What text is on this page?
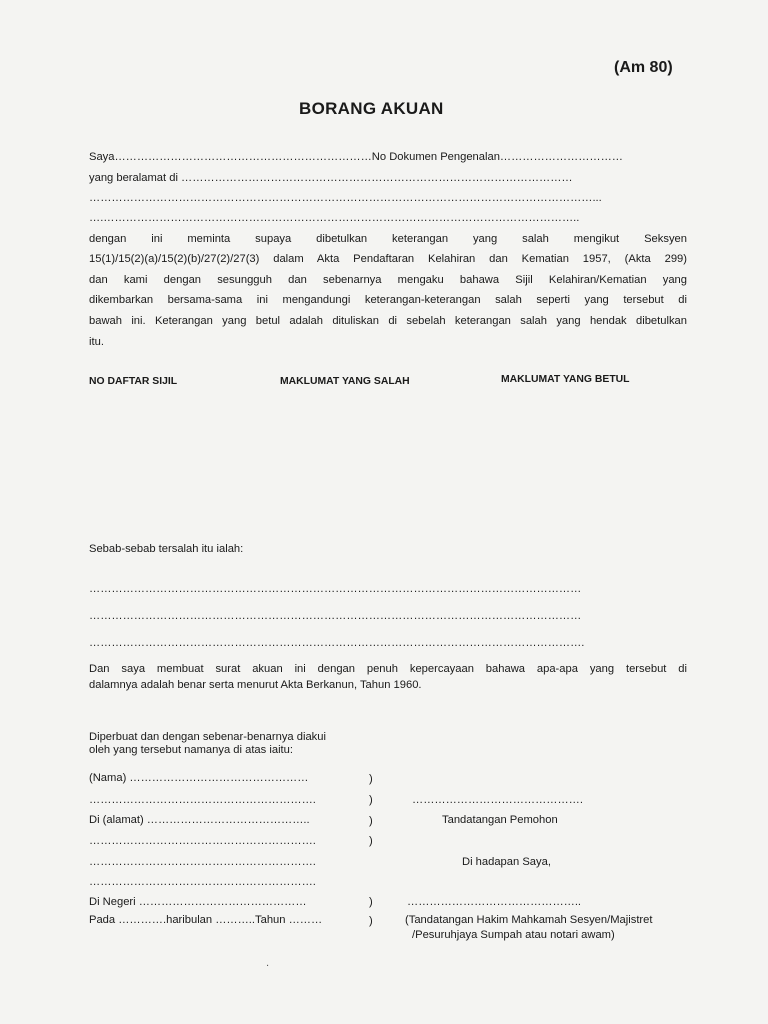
(Am 80)
BORANG AKUAN
Saya……………………………………………………………No Dokumen Pengenalan……………………………
yang beralamat di ……………………………………………………………………………………………
………………………………………………………………………………………………………………………...
….………………………………………………………………………………………………………………..
dengan ini meminta supaya dibetulkan keterangan yang salah mengikut Seksyen
15(1)/15(2)(a)/15(2)(b)/27(2)/27(3) dalam Akta Pendaftaran Kelahiran dan Kematian 1957, (Akta 299)
dan kami dengan sesungguh dan sebenarnya mengaku bahawa Sijil Kelahiran/Kematian yang
dikembarkan bersama-sama ini mengandungi keterangan-keterangan salah seperti yang tersebut di
bawah ini. Keterangan yang betul adalah dituliskan di sebelah keterangan salah yang hendak dibetulkan
itu.
NO DAFTAR SIJIL	MAKLUMAT YANG SALAH	MAKLUMAT YANG BETUL
Sebab-sebab tersalah itu ialah:
……………………………………………………………………………………………………………………
……………………………………………………………………………………………………………………
…………………………………………………………………………………………………………………….
Dan saya membuat surat akuan ini dengan penuh kepercayaan bahawa apa-apa yang tersebut di
dalamnya adalah benar serta menurut Akta Berkanun, Tahun 1960.
Diperbuat dan dengan sebenar-benarnya diakui
oleh yang tersebut namanya di atas iaitu:
(Nama) …………………………………………
…………………………………………………….
Di (alamat) ……………………………………..
…………………………………………………….
…………………………………………………….
…………………………………………………….
Di Negeri ………………………………………
Pada ………….haribulan ………..Tahun ………
)
)
)
)
)
)
……………………………………….
Tandatangan Pemohon
Di hadapan Saya,
………………………………………..
(Tandatangan Hakim Mahkamah Sesyen/Majistret
/Pesuruhjaya Sumpah atau notari awam)
.
